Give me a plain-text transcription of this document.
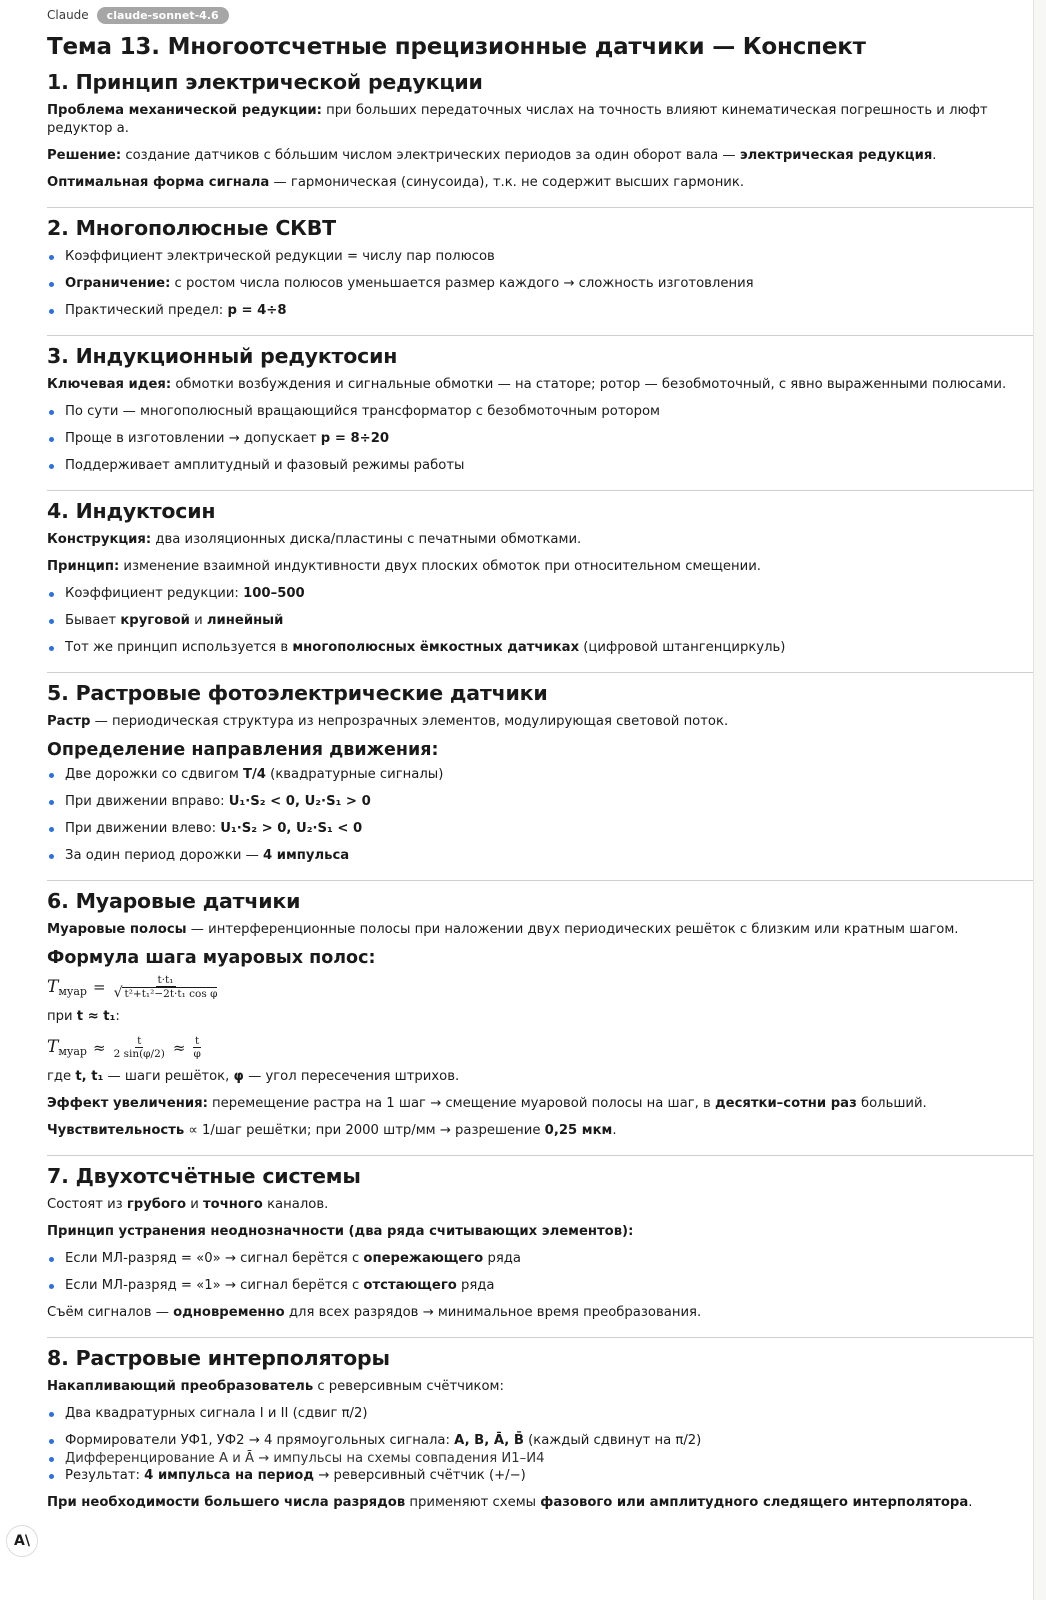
Claude	claude-sonnet-4.6
Тема 13. Многоотсчетные прецизионные датчики — Конспект
1. Принцип электрической редукции

Проблема механической редукции: при больших передаточных числах на точность влияют кинематическая погрешность и люфт редуктор а.

Решение: создание датчиков с бо́льшим числом электрических периодов за один оборот вала — электрическая редукция.

Оптимальная форма сигнала — гармоническая (синусоида), т.к. не содержит высших гармоник.

2. Многополюсные СКВТ
Коэффициент электрической редукции = числу пар полюсов
Ограничение: с ростом числа полюсов уменьшается размер каждого → сложность изготовления
Практический предел: p = 4÷8
3. Индукционный редуктосин

Ключевая идея: обмотки возбуждения и сигнальные обмотки — на статоре; ротор — безобмоточный, с явно выраженными полюсами.

По сути — многополюсный вращающийся трансформатор с безобмоточным ротором
Проще в изготовлении → допускает p = 8÷20
Поддерживает амплитудный и фазовый режимы работы
4. Индуктосин

Конструкция: два изоляционных диска/пластины с печатными обмотками.

Принцип: изменение взаимной индуктивности двух плоских обмоток при относительном смещении.

Коэффициент редукции: 100–500
Бывает круговой и линейный
Тот же принцип используется в многополюсных ёмкостных датчиках (цифровой штангенциркуль)
5. Растровые фотоэлектрические датчики

Растр — периодическая структура из непрозрачных элементов, модулирующая световой поток.

Определение направления движения:
Две дорожки со сдвигом T/4 (квадратурные сигналы)
При движении вправо: U₁·S₂ < 0, U₂·S₁ > 0
При движении влево: U₁·S₂ > 0, U₂·S₁ < 0
За один период дорожки — 4 импульса
6. Муаровые датчики

Муаровые полосы — интерференционные полосы при наложении двух периодических решёток с близким или кратным шагом.

Формула шага муаровых полос:
$T_{муар} = \frac{\text{t·t₁}}{\text{√ t²+t₁²−2t·t₁ cos φ}}$

при t ≈ t₁:

$T_{муар} \approx \frac{t}{2 \sin(\varphi/2)} \approx \frac{t}{\varphi}$

где t, t₁ — шаги решёток, φ — угол пересечения штрихов.

Эффект увеличения: перемещение растра на 1 шаг → смещение муаровой полосы на шаг, в десятки–сотни раз больший.

Чувствительность ∝ 1/шаг решётки; при 2000 штр/мм → разрешение 0,25 мкм.

7. Двухотсчётные системы

Состоят из грубого и точного каналов.

Принцип устранения неоднозначности (два ряда считывающих элементов):

Если МЛ-разряд = «0» → сигнал берётся с опережающего ряда
Если МЛ-разряд = «1» → сигнал берётся с отстающего ряда

Съём сигналов — одновременно для всех разрядов → минимальное время преобразования.

8. Растровые интерполяторы

Накапливающий преобразователь с реверсивным счётчиком:

Два квадратурных сигнала I и II (сдвиг π/2)
Формирователи УФ1, УФ2 → 4 прямоугольных сигнала: A, B, Ā, B̄ (каждый сдвинут на π/2)
Дифференцирование A и Ā → импульсы на схемы совпадения И1–И4
Результат: 4 импульса на период → реверсивный счётчик (+/−)

При необходимости большего числа разрядов применяют схемы фазового или амплитудного следящего интерполятора.

A\
